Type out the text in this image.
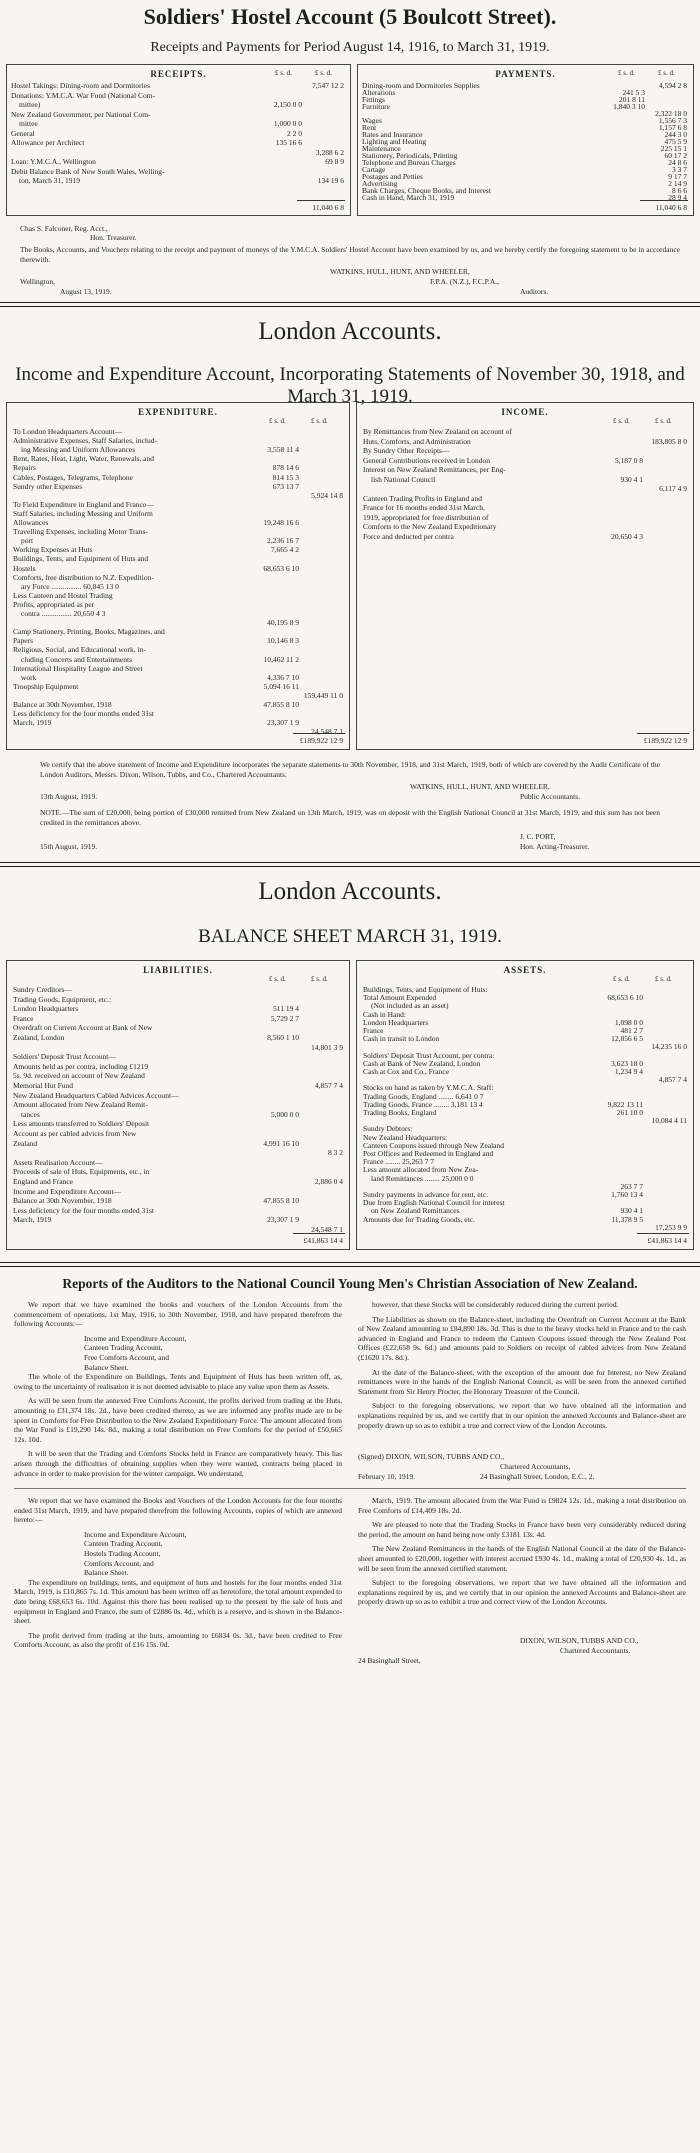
Soldiers' Hostel Account (5 Boulcott Street).
Receipts and Payments for Period August 14, 1916, to March 31, 1919.
RECEIPTS.	£ s. d.	£ s. d.
Hostel Takings: Dining-room and Dormitories	7,547 12 2
Donations: Y.M.C.A. War Fund (National Com-
mittee)	2,150 0 0
New Zealand Government, per National Com-
mittee	1,000 0 0
General	2 2 0
Allowance per Architect	135 16 6
3,288 6 2
Loan: Y.M.C.A., Wellington	69 8 9
Debit Balance Bank of New South Wales, Welling-
ton, March 31, 1919	134 19 6
11,040 6 8
PAYMENTS.	£ s. d.	£ s. d.
Dining-room and Dormitories Supplies	4,594 2 8
Alterations	241 5 3
Fittings	201 8 11
Furniture	1,840 3 10
2,322 18 0
Wages	1,556 7 3
Rent	1,157 6 8
Rates and Insurance	244 3 0
Lighting and Heating	475 5 9
Maintenance	225 15 1
Stationery, Periodicals, Printing	60 17 2
Telephone and Bureau Charges	24 8 6
Cartage	3 3 7
Postages and Petties	9 17 7
Advertising	2 14 9
Bank Charges, Cheque Books, and Interest	8 6 6
Cash in Hand, March 31, 1919	28 9 4
11,040 6 8
Chas S. Falconer, Reg. Acct.,
Hon. Treasurer.
The Books, Accounts, and Vouchers relating to the receipt and payment of moneys of the Y.M.C.A. Soldiers' Hostel Account have been examined by us, and we hereby certify the foregoing statement to be in accordance therewith.
WATKINS, HULL, HUNT, AND WHEELER,
Wellington,	F.P.A. (N.Z.), F.C.P.A.,
August 13, 1919.	Auditors.
London Accounts.
Income and Expenditure Account, Incorporating Statements of November 30, 1918, and March 31, 1919.
EXPENDITURE.
£ s. d.	£ s. d.
To London Headquarters Account—
Administrative Expenses, Staff Salaries, includ-
ing Messing and Uniform Allowances	3,558 11 4
Rent, Rates, Heat, Light, Water, Renewals, and
Repairs	878 14 6
Cables, Postages, Telegrams, Telephone	814 15 3
Sundry other Expenses	673 13 7
5,924 14 8
To Field Expenditure in England and France—
Staff Salaries, including Messing and Uniform
Allowances	19,248 16 6
Travelling Expenses, including Motor Trans-
port	2,236 16 7
Working Expenses at Huts	7,665 4 2
Buildings, Tents, and Equipment of Huts and
Hostels	68,653 6 10
Comforts, free distribution to N.Z. Expedition-
ary Force ................ 60,845 13 0
Less Canteen and Hostel Trading
Profits, appropriated as per
contra ................ 20,650 4 3
40,195 8 9
Camp Stationery, Printing, Books, Magazines, and
Papers	10,146 8 3
Religious, Social, and Educational work, in-
cluding Concerts and Entertainments	10,462 11 2
International Hospitality League and Street
work	4,336 7 10
Troopship Equipment	5,094 16 11
159,449 11 0
Balance at 30th November, 1918	47,855 8 10
Less deficiency for the four months ended 31st
March, 1919	23,307 1 9
24,548 7 1
£189,922 12 9
INCOME.
£ s. d.	£ s. d.
By Remittances from New Zealand on account of
Huts, Comforts, and Administration	183,805 8 0
By Sundry Other Receipts—
General Contributions received in London	5,187 0 8
Interest on New Zealand Remittances, per Eng-
lish National Council	930 4 1
6,117 4 9
Canteen Trading Profits in England and
France for 16 months ended 31st March,
1919, appropriated for free distribution of
Comforts to the New Zealand Expeditionary
Force and deducted per contra	20,650 4 3
£189,922 12 9
We certify that the above statement of Income and Expenditure incorporates the separate statements to 30th November, 1918, and 31st March, 1919, both of which are covered by the Audit Certificate of the London Auditors, Messrs. Dixon, Wilson, Tubbs, and Co., Chartered Accountants.
13th August, 1919.
WATKINS, HULL, HUNT, AND WHEELER,
Public Accountants.
NOTE.—The sum of £20,000, being portion of £30,000 remitted from New Zealand on 13th March, 1919, was on deposit with the English National Council at 31st March, 1919, and this sum has not been credited in the remittances above.
J. C. PORT,
15th August, 1919.	Hon. Acting-Treasurer.
London Accounts.
BALANCE SHEET MARCH 31, 1919.
LIABILITIES.
£ s. d.	£ s. d.
Sundry Creditors—
Trading Goods, Equipment, etc.:
London Headquarters	511 19 4
France	5,729 2 7
Overdraft on Current Account at Bank of New
Zealand, London	8,560 1 10
14,801 3 9
Soldiers' Deposit Trust Account—
Amounts held as per contra, including £1219
5s. 9d. received on account of New Zealand
Memorial Hut Fund	4,857 7 4
New Zealand Headquarters Cabled Advices Account—
Amount allocated from New Zealand Remit-
tances	5,000 0 0
Less amounts transferred to Soldiers' Deposit
Account as per cabled advices from New
Zealand	4,991 16 10
8 3 2
Assets Realisation Account—
Proceeds of sale of Huts, Equipments, etc., in
England and France	2,886 0 4
Income and Expenditure Account—
Balance at 30th November, 1918	47,855 8 10
Less deficiency for the four months ended 31st
March, 1919	23,307 1 9
24,548 7 1
£41,863 14 4
ASSETS.
£ s. d.	£ s. d.
Buildings, Tents, and Equipment of Huts:
Total Amount Expended	68,653 6 10
(Not included as an asset)
Cash in Hand:
London Headquarters	1,098 0 0
France	481 2 7
Cash in transit to London	12,856 6 5
14,235 16 0
Soldiers' Deposit Trust Account, per contra:
Cash at Bank of New Zealand, London	3,623 18 0
Cash at Cox and Co., France	1,234 9 4
4,857 7 4
Stocks on hand as taken by Y.M.C.A. Staff:
Trading Goods, England ........ 6,641 0 7
Trading Goods, France ........ 3,181 13 4	9,822 13 11
Trading Books, England	261 10 0
10,084 4 11
Sundry Debtors:
New Zealand Headquarters:
Canteen Coupons issued through New Zealand
Post Offices and Redeemed in England and
France ........ 25,263 7 7
Less amount allocated from New Zea-
land Remittances ........ 25,000 0 0
263 7 7
Sundry payments in advance for rent, etc.	1,760 13 4
Due from English National Council for interest
on New Zealand Remittances	930 4 1
Amounts due for Trading Goods, etc.	11,378 9 5
17,253 9 9
£41,863 14 4
Reports of the Auditors to the National Council Young Men's Christian Association of New Zealand.
We report that we have examined the books and vouchers of the London Accounts from the commencement of operations, 1st May, 1916, to 30th November, 1918, and have prepared therefrom the following Accounts:—
Income and Expenditure Account,
Canteen Trading Account,
Free Comforts Account, and
Balance Sheet.
The whole of the Expenditure on Buildings, Tents and Equipment of Huts has been written off, as, owing to the uncertainty of realisation it is not deemed advisable to place any value upon them as Assets.
As will be seen from the annexed Free Comforts Account, the profits derived from trading at the Huts, amounting to £31,374 18s. 2d., have been credited thereto, as we are informed any profits made are to be spent in Comforts for Free Distribution to the New Zealand Expeditionary Force. The amount allocated from the War Fund is £19,290 14s. 8d., making a total distribution on Free Comforts for the period of £50,665 12s. 10d.
It will be seen that the Trading and Comforts Stocks held in France are comparatively heavy. This has arisen through the difficulties of obtaining supplies when they were wanted, contracts being placed in advance in order to make provision for the winter campaign. We understand,
however, that these Stocks will be considerably reduced during the current period.
The Liabilities as shown on the Balance-sheet, including the Overdraft on Current Account at the Bank of New Zealand amounting to £84,890 18s. 3d. This is due to the heavy stocks held in France and to the cash advanced in England and France to redeem the Canteen Coupons issued through the New Zealand Post Offices (£22,658 9s. 6d.) and amounts paid to Soldiers on receipt of cabled advices from New Zealand (£1620 17s. 8d.).
At the date of the Balance-sheet, with the exception of the amount due for Interest, no New Zealand remittances were in the hands of the English National Council, as will be seen from the annexed certified Statement from Sir Henry Procter, the Honorary Treasurer of the Council.
Subject to the foregoing observations, we report that we have obtained all the information and explanations required by us, and we certify that in our opinion the annexed Accounts and Balance-sheet are properly drawn up so as to exhibit a true and correct view of the London Accounts.
(Signed) DIXON, WILSON, TUBBS AND CO.,
Chartered Accountants,
February 10, 1919.	24 Basinghall Street, London, E.C., 2.
We report that we have examined the Books and Vouchers of the London Accounts for the four months ended 31st March, 1919, and have prepared therefrom the following Accounts, copies of which are annexed hereto:—
Income and Expenditure Account,
Canteen Trading Account,
Hostels Trading Account,
Comforts Account, and
Balance Sheet.
The expenditure on buildings, tents, and equipment of huts and hostels for the four months ended 31st March, 1919, is £10,865 7s. 1d. This amount has been written off as heretofore, the total amount expended to date being £68,653 6s. 10d. Against this there has been realised up to the present by the sale of huts and equipment in England and France, the sum of £2886 0s. 4d., which is a reserve, and is shown in the Balance-sheet.
The profit derived from trading at the huts, amounting to £6834 0s. 3d., have been credited to Free Comforts Account, as also the profit of £16 15s. 0d.
March, 1919. The amount allocated from the War Fund is £9824 12s. 1d., making a total distribution on Free Comforts of £14,409 18s. 2d.
We are pleased to note that the Trading Stocks in France have been very considerably reduced during the period, the amount on hand being now only £3181 13s. 4d.
The New Zealand Remittances in the hands of the English National Council at the date of the Balance-sheet amounted to £20,000, together with interest accrued £930 4s. 1d., making a total of £20,930 4s. 1d., as will be seen from the annexed certified statement.
Subject to the foregoing observations, we report that we have obtained all the information and explanations required by us, and we certify that in our opinion the annexed Accounts and Balance-sheet are properly drawn up so as to exhibit a true and correct view of the London Accounts.
DIXON, WILSON, TUBBS AND CO.,
Chartered Accountants.
24 Basinghall Street,
